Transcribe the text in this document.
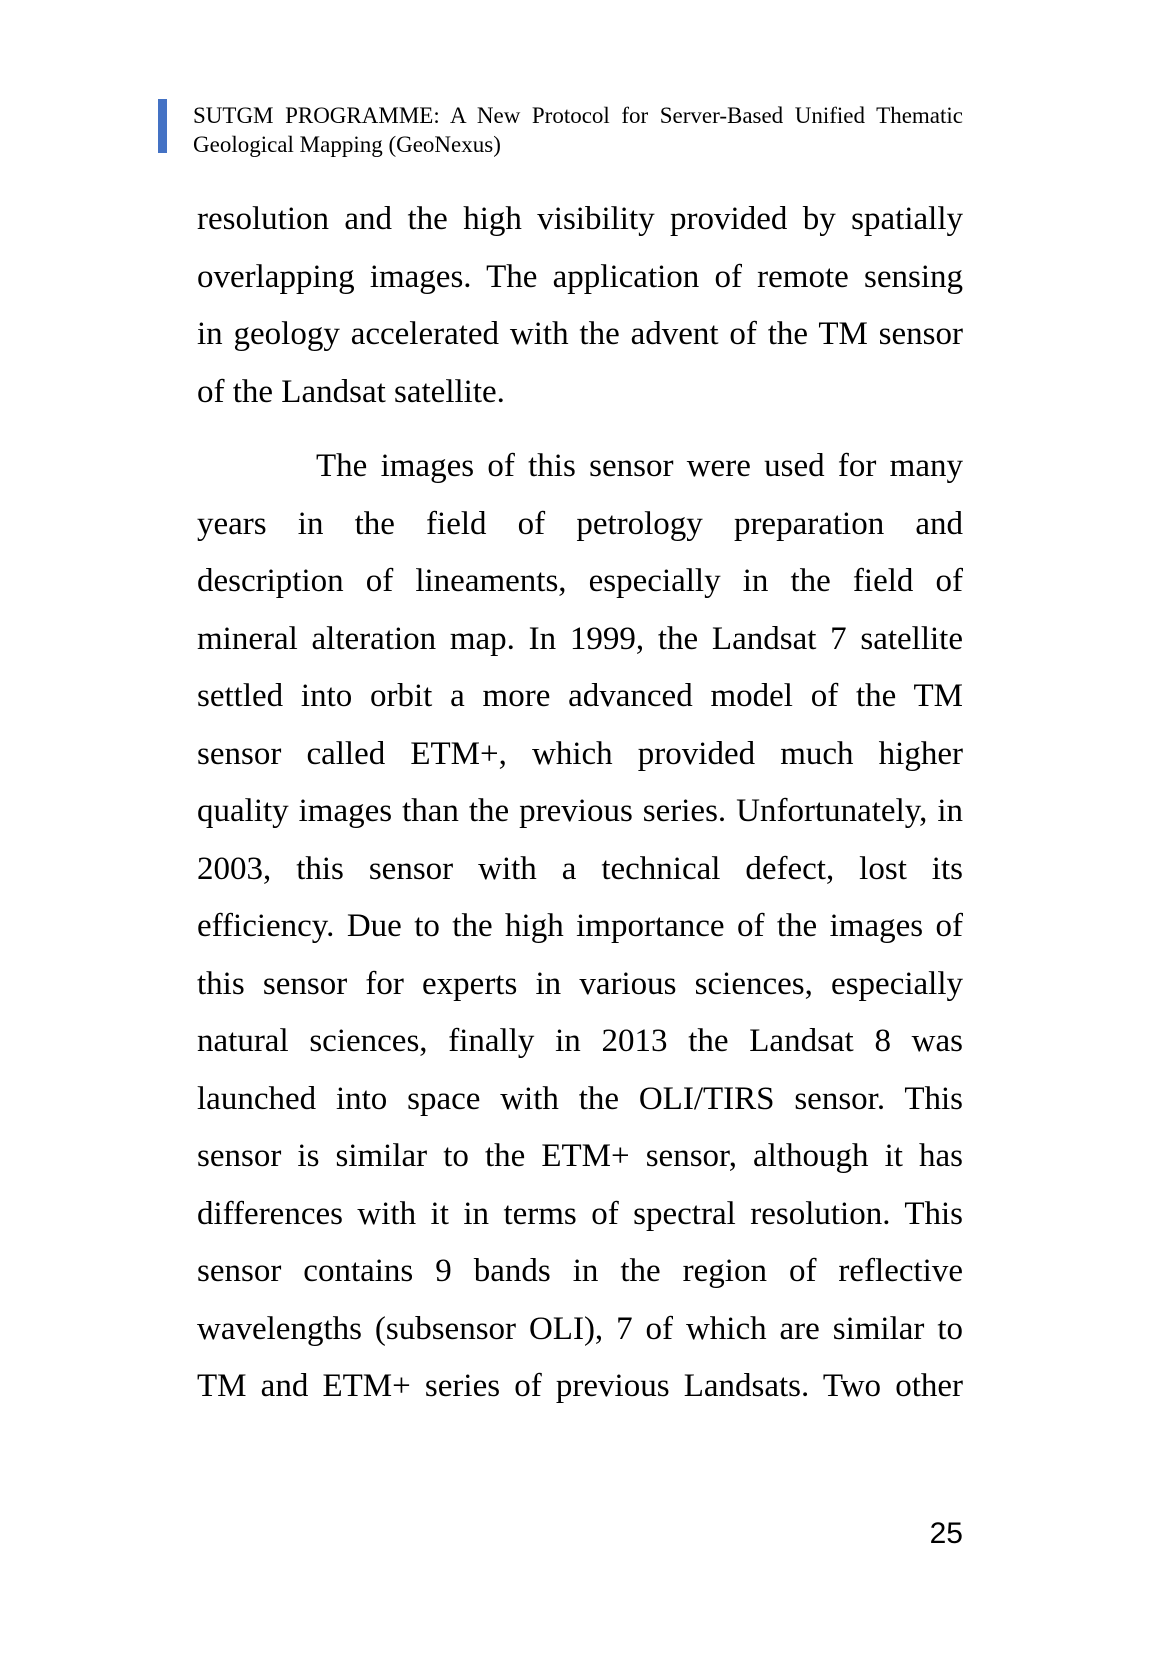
SUTGM PROGRAMME: A New Protocol for Server-Based Unified Thematic
Geological Mapping (GeoNexus)
resolution and the high visibility provided by spatially
overlapping images. The application of remote sensing
in geology accelerated with the advent of the TM sensor
of the Landsat satellite.
The images of this sensor were used for many
years in the field of petrology preparation and
description of lineaments, especially in the field of
mineral alteration map. In 1999, the Landsat 7 satellite
settled into orbit a more advanced model of the TM
sensor called ETM+, which provided much higher
quality images than the previous series. Unfortunately, in
2003, this sensor with a technical defect, lost its
efficiency. Due to the high importance of the images of
this sensor for experts in various sciences, especially
natural sciences, finally in 2013 the Landsat 8 was
launched into space with the OLI/TIRS sensor. This
sensor is similar to the ETM+ sensor, although it has
differences with it in terms of spectral resolution. This
sensor contains 9 bands in the region of reflective
wavelengths (subsensor OLI), 7 of which are similar to
TM and ETM+ series of previous Landsats. Two other
25
